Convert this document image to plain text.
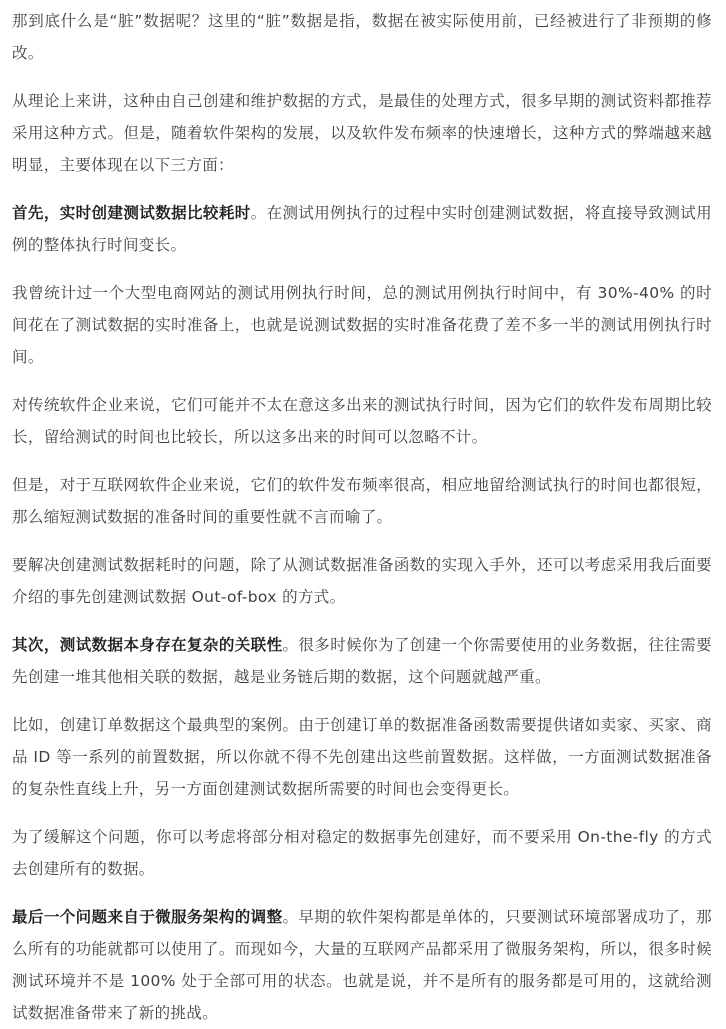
那到底什么是“脏”数据呢？这里的“脏”数据是指，数据在被实际使用前，已经被进行了非预期的修改。

从理论上来讲，这种由自己创建和维护数据的方式，是最佳的处理方式，很多早期的测试资料都推荐采用这种方式。但是，随着软件架构的发展，以及软件发布频率的快速增长，这种方式的弊端越来越明显，主要体现在以下三方面：

首先，实时创建测试数据比较耗时。在测试用例执行的过程中实时创建测试数据，将直接导致测试用例的整体执行时间变长。

我曾统计过一个大型电商网站的测试用例执行时间，总的测试用例执行时间中，有 30%-40% 的时间花在了测试数据的实时准备上，也就是说测试数据的实时准备花费了差不多一半的测试用例执行时间。

对传统软件企业来说，它们可能并不太在意这多出来的测试执行时间，因为它们的软件发布周期比较长，留给测试的时间也比较长，所以这多出来的时间可以忽略不计。

但是，对于互联网软件企业来说，它们的软件发布频率很高，相应地留给测试执行的时间也都很短，那么缩短测试数据的准备时间的重要性就不言而喻了。

要解决创建测试数据耗时的问题，除了从测试数据准备函数的实现入手外，还可以考虑采用我后面要介绍的事先创建测试数据 Out-of-box 的方式。

其次，测试数据本身存在复杂的关联性。很多时候你为了创建一个你需要使用的业务数据，往往需要先创建一堆其他相关联的数据，越是业务链后期的数据，这个问题就越严重。

比如，创建订单数据这个最典型的案例。由于创建订单的数据准备函数需要提供诸如卖家、买家、商品 ID 等一系列的前置数据，所以你就不得不先创建出这些前置数据。这样做，一方面测试数据准备的复杂性直线上升，另一方面创建测试数据所需要的时间也会变得更长。

为了缓解这个问题，你可以考虑将部分相对稳定的数据事先创建好，而不要采用 On-the-fly 的方式去创建所有的数据。

最后一个问题来自于微服务架构的调整。早期的软件架构都是单体的，只要测试环境部署成功了，那么所有的功能就都可以使用了。而现如今，大量的互联网产品都采用了微服务架构，所以，很多时候测试环境并不是 100% 处于全部可用的状态。也就是说，并不是所有的服务都是可用的，这就给测试数据准备带来了新的挑战。
